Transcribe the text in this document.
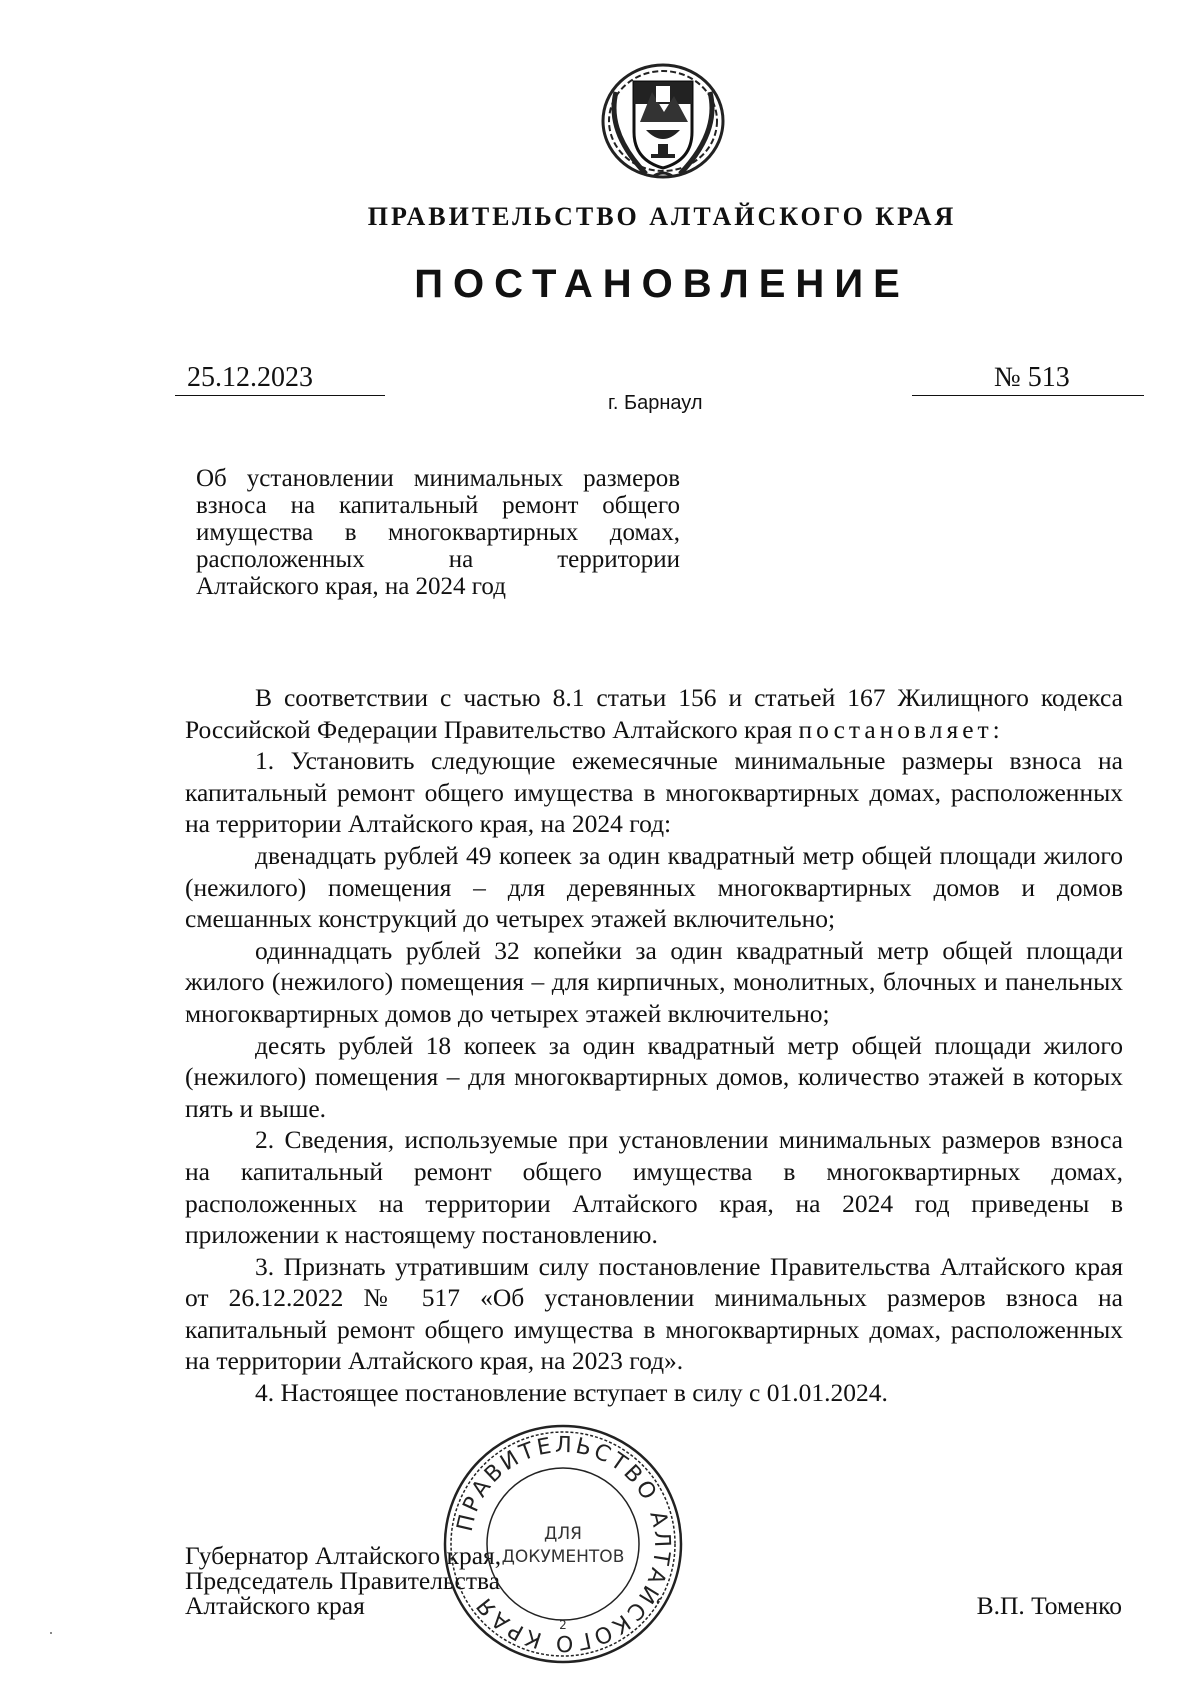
ПРАВИТЕЛЬСТВО АЛТАЙСКОГО КРАЯ
ПОСТАНОВЛЕНИЕ
25.12.2023	№ 513
г. Барнаул
Об установлении минимальных размеров
взноса на капитальный ремонт общего
имущества в многоквартирных домах,
расположенных на территории
Алтайского края, на 2024 год

В соответствии с частью 8.1 статьи 156 и статьей 167 Жилищного кодекса Российской Федерации Правительство Алтайского края постановляет:

1. Установить следующие ежемесячные минимальные размеры взноса на капитальный ремонт общего имущества в многоквартирных домах, расположенных на территории Алтайского края, на 2024 год:

двенадцать рублей 49 копеек за один квадратный метр общей площади жилого (нежилого) помещения – для деревянных многоквартирных домов и домов смешанных конструкций до четырех этажей включительно;

одиннадцать рублей 32 копейки за один квадратный метр общей площади жилого (нежилого) помещения – для кирпичных, монолитных, блочных и панельных многоквартирных домов до четырех этажей включительно;

десять рублей 18 копеек за один квадратный метр общей площади жилого (нежилого) помещения – для многоквартирных домов, количество этажей в которых пять и выше.

2. Сведения, используемые при установлении минимальных размеров взноса на капитальный ремонт общего имущества в многоквартирных домах, расположенных на территории Алтайского края, на 2024 год приведены в приложении к настоящему постановлению.

3. Признать утратившим силу постановление Правительства Алтайского края от 26.12.2022 № 517 «Об установлении минимальных размеров взноса на капитальный ремонт общего имущества в многоквартирных домах, расположенных на территории Алтайского края, на 2023 год».

4. Настоящее постановление вступает в силу с 01.01.2024.

Губернатор Алтайского края,
Председатель Правительства
Алтайского края	В.П. Томенко
ПРАВИТЕЛЬСТВО АЛТАЙСКОГО КРАЯ
ДЛЯ
ДОКУМЕНТОВ
2
